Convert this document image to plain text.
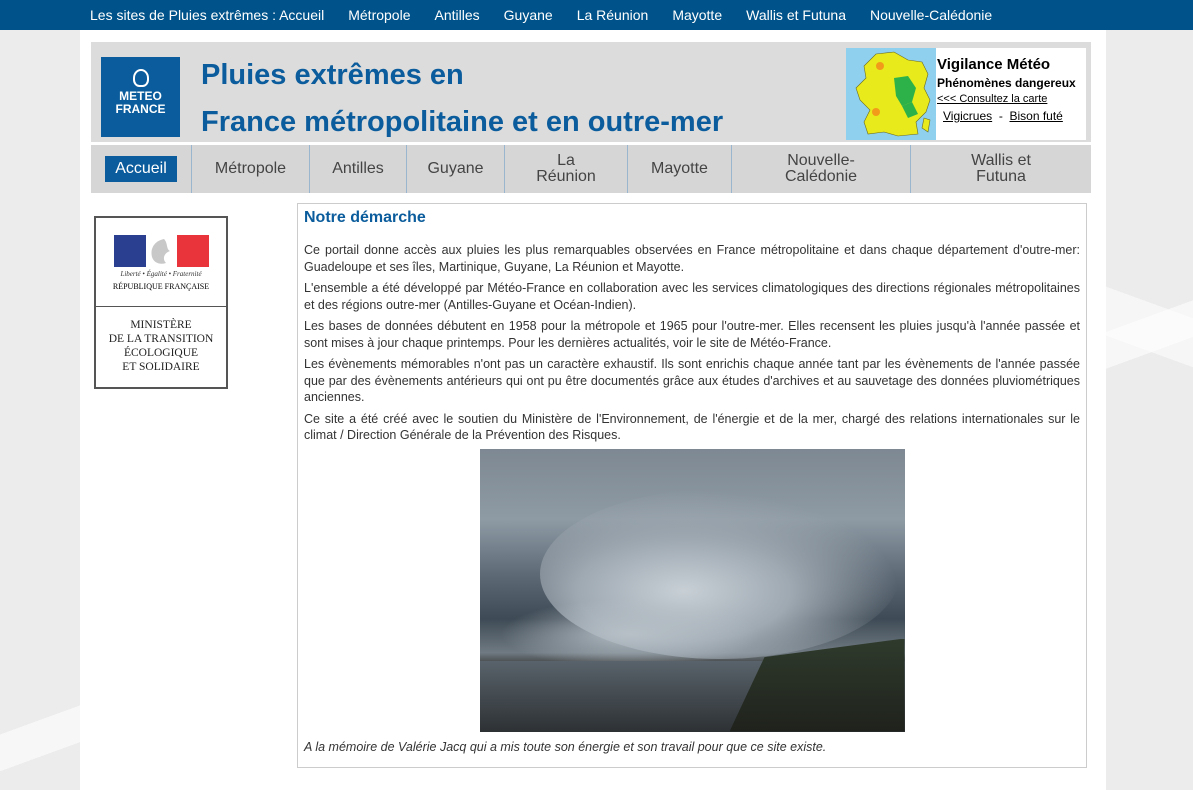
Les sites de Pluies extrêmes : Accueil Métropole Antilles Guyane La Réunion Mayotte Wallis et Futuna Nouvelle-Calédonie
METEO
FRANCE
Pluies extrêmes en
France métropolitaine et en outre-mer
Vigilance Météo
Phénomènes dangereux
<<< Consultez la carte
Vigicrues - Bison futé
Accueil	Métropole	Antilles	Guyane	La
Réunion	Mayotte	Nouvelle-
Calédonie
Wallis et
Futuna
Liberté • Égalité • Fraternité
RÉPUBLIQUE FRANÇAISE
MINISTÈRE
DE LA TRANSITION
ÉCOLOGIQUE
ET SOLIDAIRE
Notre démarche

Ce portail donne accès aux pluies les plus remarquables observées en France métropolitaine et dans chaque département d'outre-mer: Guadeloupe et ses îles, Martinique, Guyane, La Réunion et Mayotte.

L'ensemble a été développé par Météo-France en collaboration avec les services climatologiques des directions régionales métropolitaines et des régions outre-mer (Antilles-Guyane et Océan-Indien).

Les bases de données débutent en 1958 pour la métropole et 1965 pour l'outre-mer. Elles recensent les pluies jusqu'à l'année passée et sont mises à jour chaque printemps. Pour les dernières actualités, voir le site de Météo-France.

Les évènements mémorables n'ont pas un caractère exhaustif. Ils sont enrichis chaque année tant par les évènements de l'année passée que par des évènements antérieurs qui ont pu être documentés grâce aux études d'archives et au sauvetage des données pluviométriques anciennes.

Ce site a été créé avec le soutien du Ministère de l'Environnement, de l'énergie et de la mer, chargé des relations internationales sur le climat / Direction Générale de la Prévention des Risques.

A la mémoire de Valérie Jacq qui a mis toute son énergie et son travail pour que ce site existe.
